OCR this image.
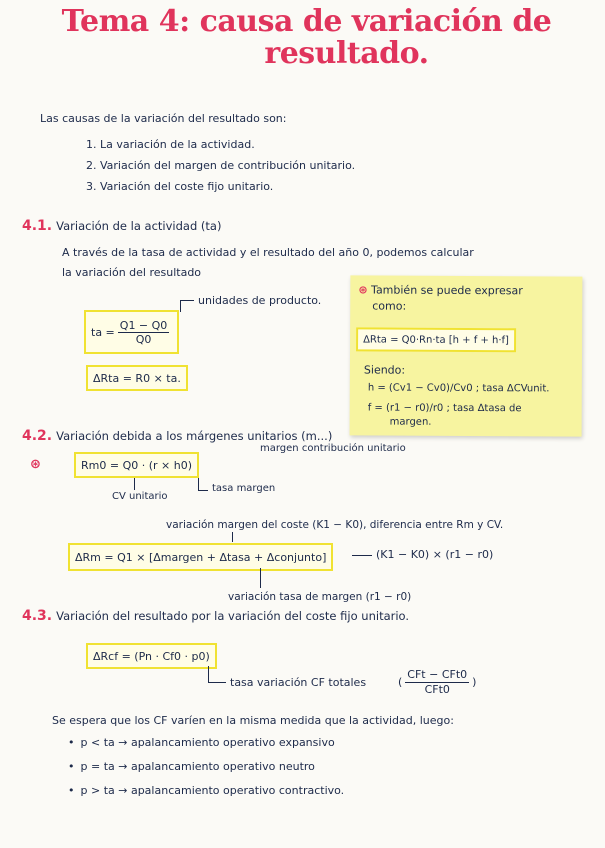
Tema 4: causa de variación de
resultado.
Las causas de la variación del resultado son:
1. La variación de la actividad.
2. Variación del margen de contribución unitario.
3. Variación del coste fijo unitario.
4.1. Variación de la actividad (ta)
A través de la tasa de actividad y el resultado del año 0, podemos calcular
la variación del resultado
unidades de producto.
ta = $\frac{Q1 - Q0}{Q0}$
ΔRta = R0 × ta.
⊛ También se puede expresar
como:
ΔRta = Q0·Rn·ta [h + f + h·f]
Siendo:
h = (Cv1 − Cv0)/Cv0 ; tasa ΔCVunit.
f = (r1 − r0)/r0 ; tasa Δtasa de
margen.
4.2. Variación debida a los márgenes unitarios (m...)
margen contribución unitario
⊛	Rm0 = Q0 · (r × h0)
CV unitario
tasa margen
variación margen del coste (K1 − K0), diferencia entre Rm y CV.
ΔRm = Q1 × [Δmargen + Δtasa + Δconjunto]	(K1 − K0) × (r1 − r0)
variación tasa de margen (r1 − r0)
4.3. Variación del resultado por la variación del coste fijo unitario.
ΔRcf = (Pn · Cf0 · p0)
tasa variación CF totales	( $\frac{\text{CFt − CFt0}}{\text{CFt0}}$ )
Se espera que los CF varíen en la misma medida que la actividad, luego:
• p < ta → apalancamiento operativo expansivo
• p = ta → apalancamiento operativo neutro
• p > ta → apalancamiento operativo contractivo.
